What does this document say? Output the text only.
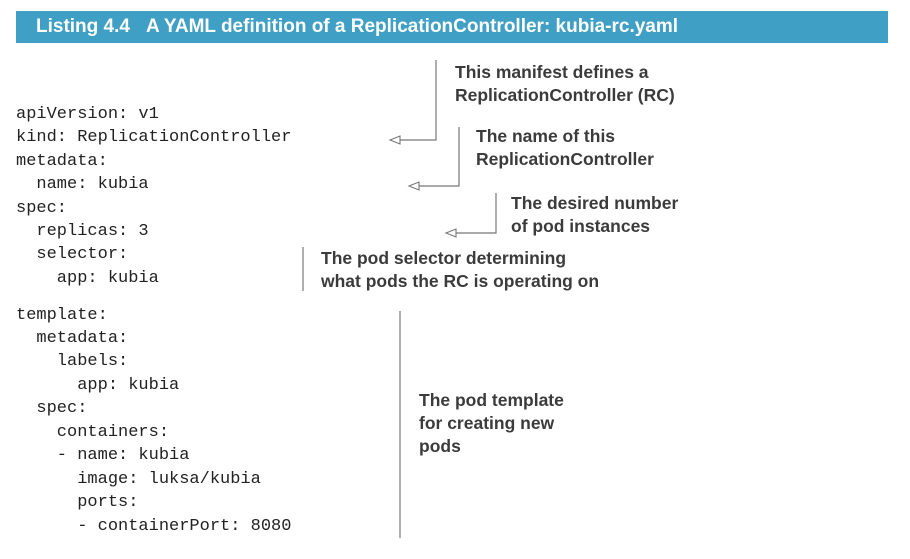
Listing 4.4 A YAML definition of a ReplicationController: kubia-rc.yaml
apiVersion: v1
kind: ReplicationController
metadata:
name: kubia
spec:
replicas: 3
selector:
app: kubia
template:
metadata:
labels:
app: kubia
spec:
containers:
- name: kubia
image: luksa/kubia
ports:
- containerPort: 8080
This manifest defines a
ReplicationController (RC)
The name of this
ReplicationController
The desired number
of pod instances
The pod selector determining
what pods the RC is operating on
The pod template
for creating new
pods
